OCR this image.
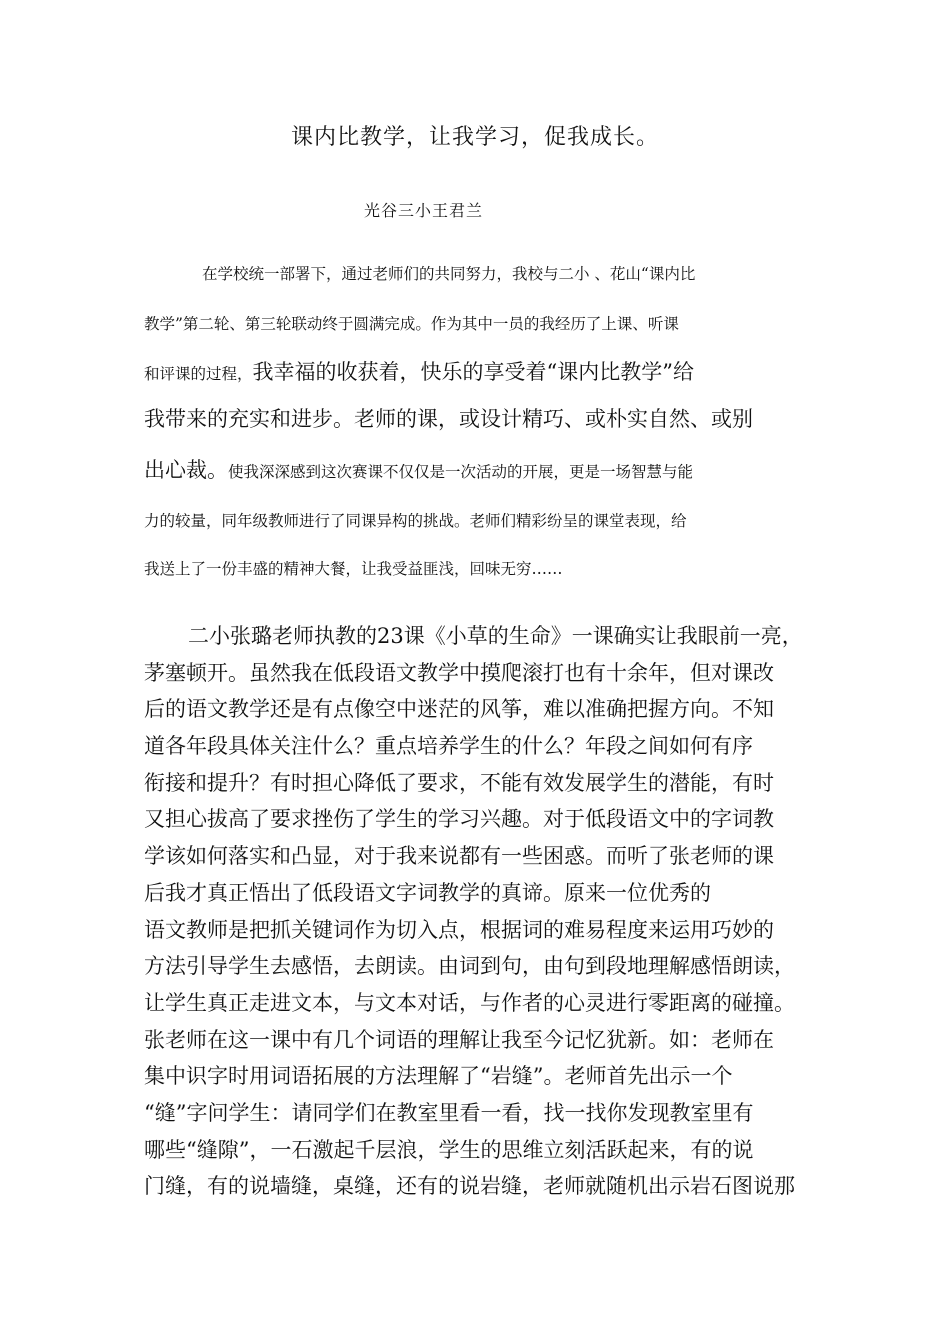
课内比教学，让我学习，促我成长。
光谷三小王君兰
在学校统一部署下，通过老师们的共同努力，我校与二小 、花山“课内比
教学”第二轮、第三轮联动终于圆满完成。作为其中一员的我经历了上课、听课
和评课的过程，我幸福的收获着，快乐的享受着“课内比教学”给
我带来的充实和进步。老师的课，或设计精巧、或朴实自然、或别
出心裁。使我深深感到这次赛课不仅仅是一次活动的开展，更是一场智慧与能
力的较量，同年级教师进行了同课异构的挑战。老师们精彩纷呈的课堂表现，给
我送上了一份丰盛的精神大餐，让我受益匪浅，回味无穷……
二小张璐老师执教的23课《小草的生命》一课确实让我眼前一亮，
茅塞顿开。虽然我在低段语文教学中摸爬滚打也有十余年，但对课改
后的语文教学还是有点像空中迷茫的风筝，难以准确把握方向。不知
道各年段具体关注什么？重点培养学生的什么？年段之间如何有序
衔接和提升？有时担心降低了要求，不能有效发展学生的潜能，有时
又担心拔高了要求挫伤了学生的学习兴趣。对于低段语文中的字词教
学该如何落实和凸显，对于我来说都有一些困惑。而听了张老师的课
后我才真正悟出了低段语文字词教学的真谛。原来一位优秀的
语文教师是把抓关键词作为切入点，根据词的难易程度来运用巧妙的
方法引导学生去感悟，去朗读。由词到句，由句到段地理解感悟朗读，
让学生真正走进文本，与文本对话，与作者的心灵进行零距离的碰撞。
张老师在这一课中有几个词语的理解让我至今记忆犹新。如：老师在
集中识字时用词语拓展的方法理解了“岩缝”。老师首先出示一个
“缝”字问学生：请同学们在教室里看一看，找一找你发现教室里有
哪些“缝隙”，一石激起千层浪，学生的思维立刻活跃起来，有的说
门缝，有的说墙缝，桌缝，还有的说岩缝，老师就随机出示岩石图说那
